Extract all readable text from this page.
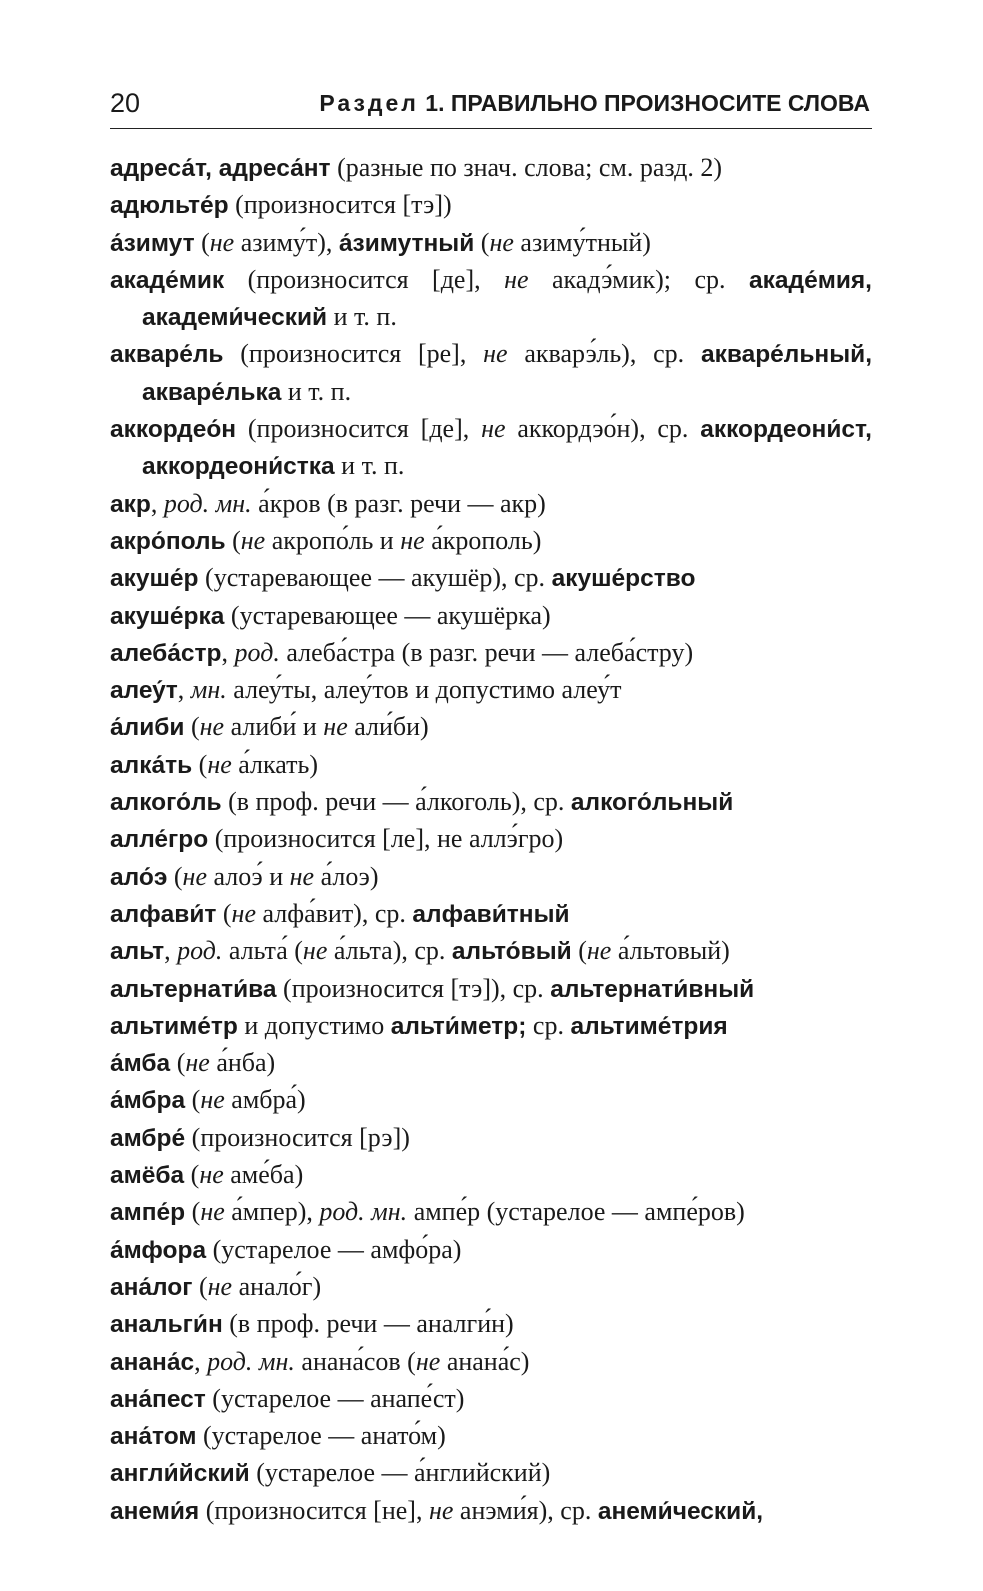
20	Раздел 1. ПРАВИЛЬНО ПРОИЗНОСИТЕ СЛОВА
адреса́т, адреса́нт (разные по знач. слова; см. разд. 2)
адюльте́р (произносится [тэ])
а́зимут (не азиму́т), а́зимутный (не азиму́тный)
акаде́мик (произносится [де], не акадэ́мик); ср. акаде́мия, академи́ческий и т. п.
акваре́ль (произносится [ре], не акварэ́ль), ср. акваре́льный, акваре́лька и т. п.
аккордео́н (произносится [де], не аккордэо́н), ср. аккордеони́ст, аккордеони́стка и т. п.
акр, род. мн. а́кров (в разг. речи — акр)
акро́поль (не акропо́ль и не а́крополь)
акуше́р (устаревающее — акушёр), ср. акуше́рство
акуше́рка (устаревающее — акушёрка)
алеба́стр, род. алеба́стра (в разг. речи — алеба́стру)
алеу́т, мн. алеу́ты, алеу́тов и допустимо алеу́т
а́либи (не алиби́ и не али́би)
алка́ть (не а́лкать)
алкого́ль (в проф. речи — а́лкоголь), ср. алкого́льный
алле́гро (произносится [ле], не аллэ́гро)
ало́э (не алоэ́ и не а́лоэ)
алфави́т (не алфа́вит), ср. алфави́тный
альт, род. альта́ (не а́льта), ср. альто́вый (не а́льтовый)
альтернати́ва (произносится [тэ]), ср. альтернати́вный
альтиме́тр и допустимо альти́метр; ср. альтиме́трия
а́мба (не а́нба)
а́мбра (не амбра́)
амбре́ (произносится [рэ])
амёба (не аме́ба)
ампе́р (не а́мпер), род. мн. ампе́р (устарелое — ампе́ров)
а́мфора (устарелое — амфо́ра)
ана́лог (не анало́г)
анальги́н (в проф. речи — аналги́н)
анана́с, род. мн. анана́сов (не анана́с)
ана́пест (устарелое — анапе́ст)
ана́том (устарелое — анато́м)
англи́йский (устарелое — а́нглийский)
анеми́я (произносится [не], не анэми́я), ср. анеми́ческий,
